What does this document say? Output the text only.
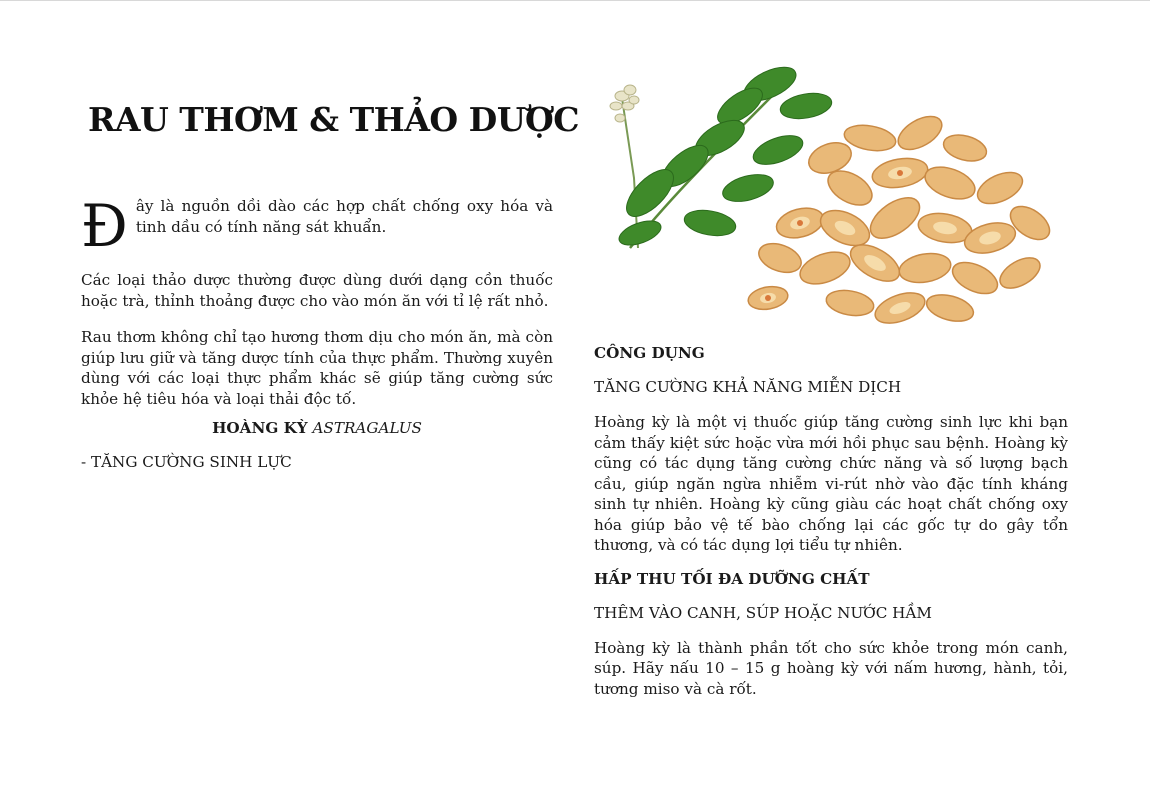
RAU THƠM & THẢO DƯỢC

Đây là nguồn dồi dào các hợp chất chống oxy hóa và tinh dầu có tính năng sát khuẩn.

Các loại thảo dược thường được dùng dưới dạng cồn thuốc hoặc trà, thỉnh thoảng được cho vào món ăn với tỉ lệ rất nhỏ.

Rau thơm không chỉ tạo hương thơm dịu cho món ăn, mà còn giúp lưu giữ và tăng dược tính của thực phẩm. Thường xuyên dùng với các loại thực phẩm khác sẽ giúp tăng cường sức khỏe hệ tiêu hóa và loại thải độc tố.

HOÀNG KỲ ASTRAGALUS

- TĂNG CƯỜNG SINH LỰC

CÔNG DỤNG

TĂNG CƯỜNG KHẢ NĂNG MIỄN DỊCH

Hoàng kỳ là một vị thuốc giúp tăng cường sinh lực khi bạn cảm thấy kiệt sức hoặc vừa mới hồi phục sau bệnh. Hoàng kỳ cũng có tác dụng tăng cường chức năng và số lượng bạch cầu, giúp ngăn ngừa nhiễm vi-rút nhờ vào đặc tính kháng sinh tự nhiên. Hoàng kỳ cũng giàu các hoạt chất chống oxy hóa giúp bảo vệ tế bào chống lại các gốc tự do gây tổn thương, và có tác dụng lợi tiểu tự nhiên.

HẤP THU TỐI ĐA DƯỠNG CHẤT

THÊM VÀO CANH, SÚP HOẶC NƯỚC HẦM

Hoàng kỳ là thành phần tốt cho sức khỏe trong món canh, súp. Hãy nấu 10 – 15 g hoàng kỳ với nấm hương, hành, tỏi, tương miso và cà rốt.
